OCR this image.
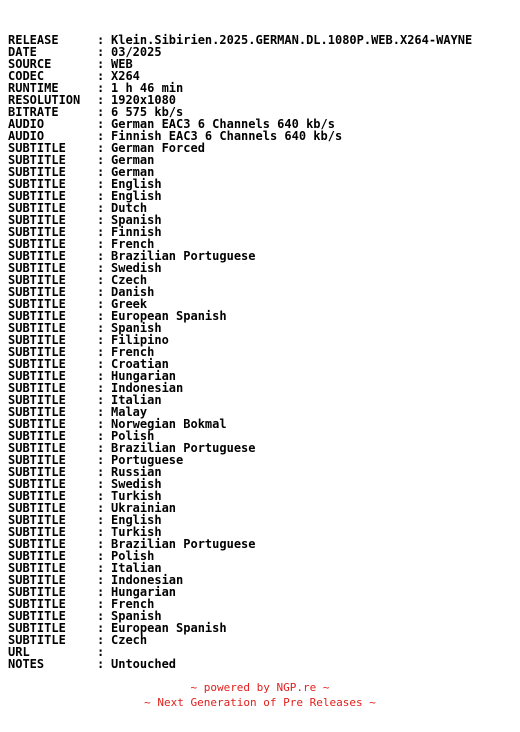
RELEASE	: Klein.Sibirien.2025.GERMAN.DL.1080P.WEB.X264-WAYNE
DATE	: 03/2025
SOURCE	: WEB
CODEC	: X264
RUNTIME	: 1 h 46 min
RESOLUTION	: 1920x1080
BITRATE	: 6 575 kb/s
AUDIO	: German EAC3 6 Channels 640 kb/s
AUDIO	: Finnish EAC3 6 Channels 640 kb/s
SUBTITLE	: German Forced
SUBTITLE	: German
SUBTITLE	: German
SUBTITLE	: English
SUBTITLE	: English
SUBTITLE	: Dutch
SUBTITLE	: Spanish
SUBTITLE	: Finnish
SUBTITLE	: French
SUBTITLE	: Brazilian Portuguese
SUBTITLE	: Swedish
SUBTITLE	: Czech
SUBTITLE	: Danish
SUBTITLE	: Greek
SUBTITLE	: European Spanish
SUBTITLE	: Spanish
SUBTITLE	: Filipino
SUBTITLE	: French
SUBTITLE	: Croatian
SUBTITLE	: Hungarian
SUBTITLE	: Indonesian
SUBTITLE	: Italian
SUBTITLE	: Malay
SUBTITLE	: Norwegian Bokmal
SUBTITLE	: Polish
SUBTITLE	: Brazilian Portuguese
SUBTITLE	: Portuguese
SUBTITLE	: Russian
SUBTITLE	: Swedish
SUBTITLE	: Turkish
SUBTITLE	: Ukrainian
SUBTITLE	: English
SUBTITLE	: Turkish
SUBTITLE	: Brazilian Portuguese
SUBTITLE	: Polish
SUBTITLE	: Italian
SUBTITLE	: Indonesian
SUBTITLE	: Hungarian
SUBTITLE	: French
SUBTITLE	: Spanish
SUBTITLE	: European Spanish
SUBTITLE	: Czech
URL	:
NOTES	: Untouched

~ powered by NGP.re ~
~ Next Generation of Pre Releases ~
